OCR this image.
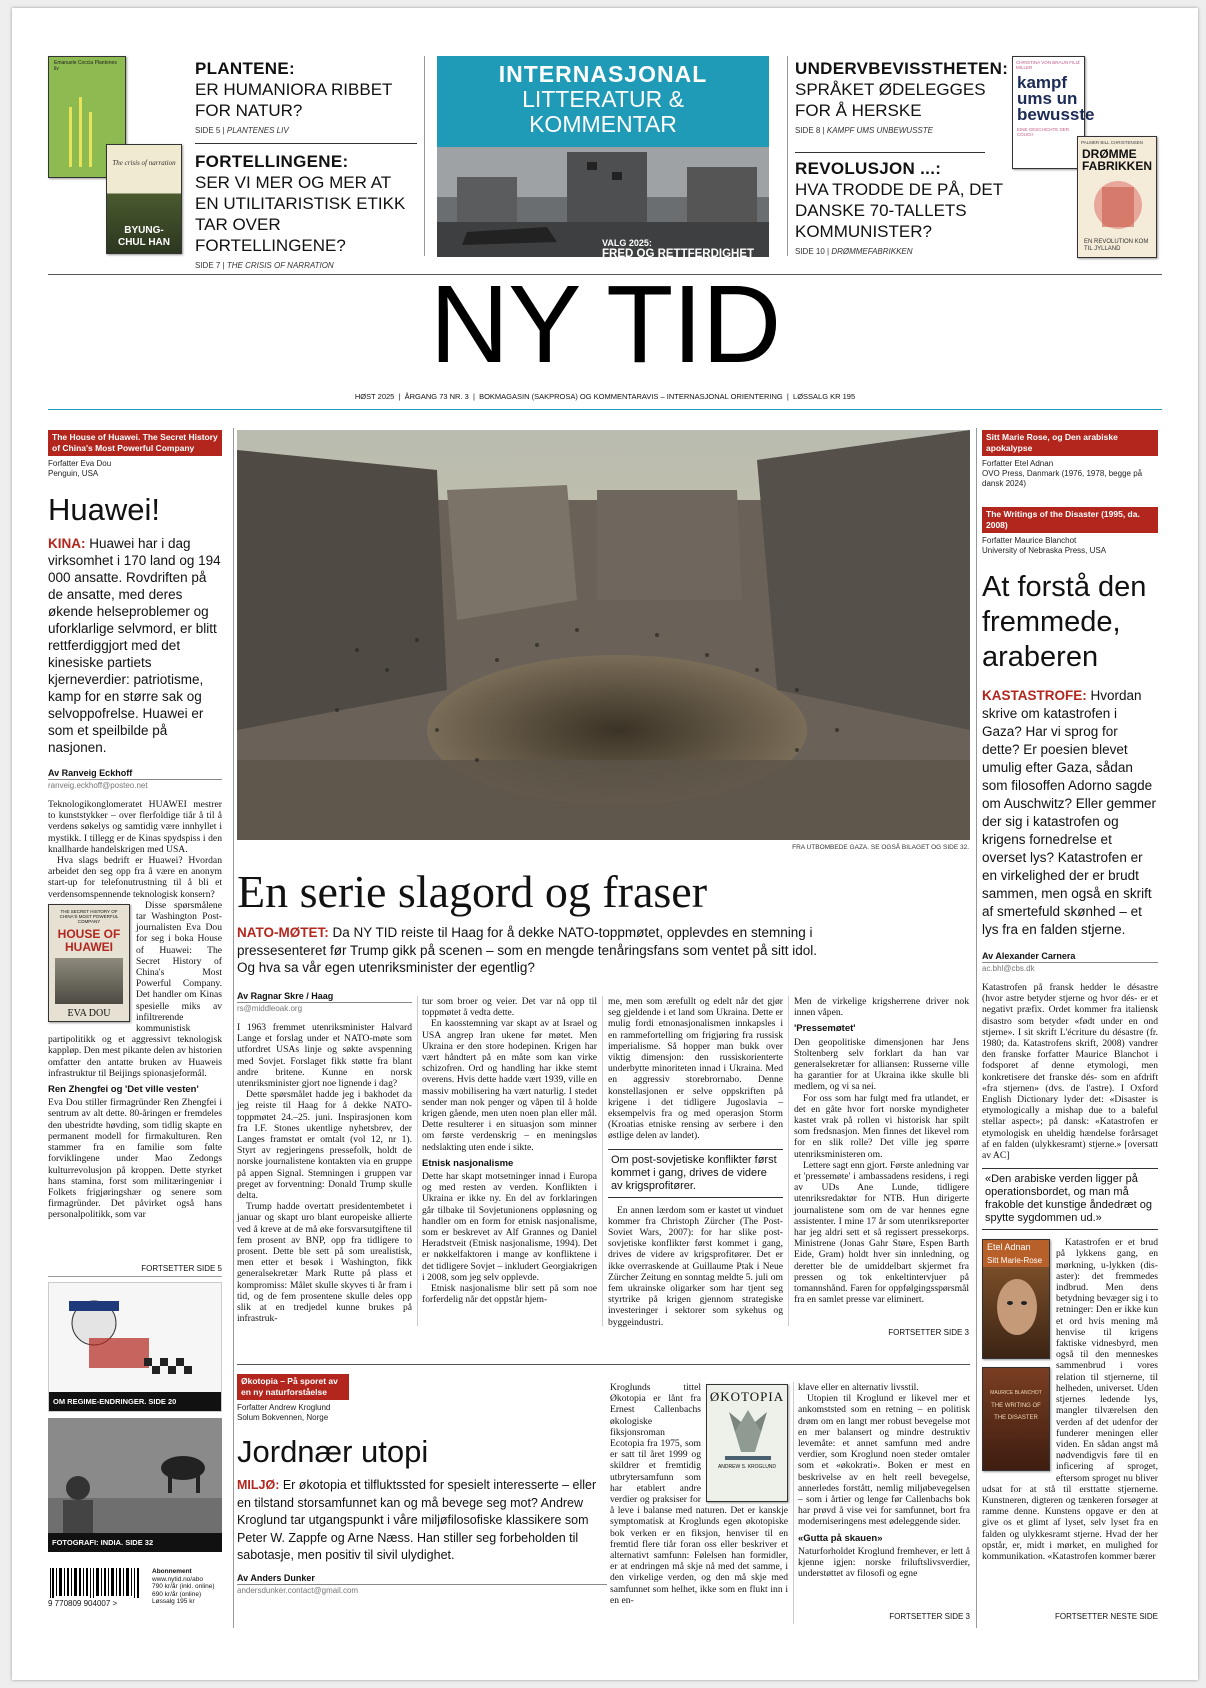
Emanuele Coccia Plantenes liv
The crisis of narration
BYUNG-CHUL HAN
PLANTENE:
ER HUMANIORA RIBBET FOR NATUR?
SIDE 5 | PLANTENES LIV
FORTELLINGENE:
SER VI MER OG MER AT EN UTILITARISTISK ETIKK TAR OVER FORTELLINGENE?
SIDE 7 | THE CRISIS OF NARRATION
INTERNASJONAL
LITTERATUR &
KOMMENTAR
VALG 2025:
FRED OG RETTFERDIGHET
UNDERVBEVISSTHETEN:
SPRÅKET ØDELEGGES FOR Å HERSKE
SIDE 8 | KAMPF UMS UNBEWUSSTE
REVOLUSJON ...:
HVA TRODDE DE PÅ, DET DANSKE 70-TALLETS KOMMUNISTER?
SIDE 10 | DRØMMEFABRIKKEN
CHRISTINA VON BRAUN FILIZ MILLER
kampf ums un bewusste
EINE GESCHICHTE DER COUCH
PALMER BILL CHRISTENSEN
DRØMME FABRIKKEN
EN REVOLUTION KOM TIL JYLLAND
NY TID
HØST 2025  |  ÅRGANG 73 NR. 3  |  BOKMAGASIN (SAKPROSA) OG KOMMENTARAVIS – INTERNASJONAL ORIENTERING  |  LØSSALG KR 195
The House of Huawei. The Secret History of China's Most Powerful Company
Forfatter Eva Dou
Penguin, USA
Huawei!
KINA: Huawei har i dag virksomhet i 170 land og 194 000 ansatte. Rovdriften på de ansatte, med deres økende helseproblemer og uforklarlige selvmord, er blitt rettferdiggjort med det kinesiske partiets kjerneverdier: patriotisme, kamp for en større sak og selvoppofrelse. Huawei er som et speilbilde på nasjonen.
Av Ranveig Eckhoff
ranveig.eckhoff@posteo.net

Teknologikonglomeratet HUAWEI mestrer to kunststykker – over flerfoldige tiår å til å verdens søkelys og samtidig være innhyllet i mystikk. I tillegg er de Kinas spydspiss i den knallharde handelskrigen med USA.

Hva slags bedrift er Huawei? Hvordan arbeidet den seg opp fra å være en anonym start-up for telefonutrustning til å bli et verdensomspennende teknologisk konsern?

THE SECRET HISTORY OF CHINA'S MOST POWERFUL COMPANY
HOUSE OF HUAWEI
EVA DOU

Disse spørsmålene tar Washington Post-journalisten Eva Dou for seg i boka House of Huawei: The Secret History of China's Most Powerful Company. Det handler om Kinas spesielle miks av infiltrerende kommunistisk partipolitikk og et aggressivt teknologisk kappløp. Den mest pikante delen av historien omfatter den antatte bruken av Huaweis infrastruktur til Beijings spionasjeformål.

Ren Zhengfei og 'Det ville vesten'

Eva Dou stiller firmagründer Ren Zhengfei i sentrum av alt dette. 80-åringen er fremdeles den ubestridte høvding, som tidlig skapte en permanent modell for firmakulturen. Ren stammer fra en familie som følte forviklingene under Mao Zedongs kulturrevolusjon på kroppen. Dette styrket hans stamina, forst som militæringeniør i Folkets frigjøringshær og senere som firmagründer. Det påvirket også hans personalpolitikk, som var

FORTSETTER SIDE 5
OM REGIME-ENDRINGER. SIDE 20
FOTOGRAFI: INDIA. SIDE 32
9 770809 904007 >
Abonnement
www.nytid.no/abo
790 kr/år (inkl. online)
690 kr/år (online)
Løssalg 195 kr
FRA UTBOMBEDE GAZA. SE OGSÅ BILAGET OG SIDE 32.
En serie slagord og fraser
NATO-MØTET: Da NY TID reiste til Haag for å dekke NATO-toppmøtet, opplevdes en stemning i pressesenteret før Trump gikk på scenen – som en mengde tenåringsfans som ventet på sitt idol. Og hva sa vår egen utenriksminister der egentlig?
Av Ragnar Skre / Haag
rs@middleoak.org

I 1963 fremmet utenriksminister Halvard Lange et forslag under et NATO-møte som utfordret USAs linje og søkte avspenning med Sovjet. Forslaget fikk støtte fra blant andre britene. Kunne en norsk utenriksminister gjort noe lignende i dag?

Dette spørsmålet hadde jeg i bakhodet da jeg reiste til Haag for å dekke NATO-toppmøtet 24.–25. juni. Inspirasjonen kom fra I.F. Stones ukentlige nyhetsbrev, der Langes framstøt er omtalt (vol 12, nr 1). Styrt av regjeringens pressefolk, holdt de norske journalistene kontakten via en gruppe på appen Signal. Stemningen i gruppen var preget av forventning: Donald Trump skulle delta.

Trump hadde overtatt presidentembetet i januar og skapt uro blant europeiske allierte ved å kreve at de må øke forsvarsutgiftene til fem prosent av BNP, opp fra tidligere to prosent. Dette ble sett på som urealistisk, men etter et besøk i Washington, fikk generalsekretær Mark Rutte på plass et kompromiss: Målet skulle skyves ti år fram i tid, og de fem prosentene skulle deles opp slik at en tredjedel kunne brukes på infrastruk-

tur som broer og veier. Det var nå opp til toppmøtet å vedta dette.

En kaosstemning var skapt av at Israel og USA angrep Iran ukene før møtet. Men Ukraina er den store hodepinen. Krigen har vært håndtert på en måte som kan virke schizofren. Ord og handling har ikke stemt overens. Hvis dette hadde vært 1939, ville en massiv mobilisering ha vært naturlig. I stedet sender man nok penger og våpen til å holde krigen gående, men uten noen plan eller mål. Dette resulterer i en situasjon som minner om første verdenskrig – en meningsløs nedslakting uten ende i sikte.

Etnisk nasjonalisme

Dette har skapt motsetninger innad i Europa og med resten av verden. Konflikten i Ukraina er ikke ny. En del av forklaringen går tilbake til Sovjetunionens oppløsning og handler om en form for etnisk nasjonalisme, som er beskrevet av Alf Grannes og Daniel Heradstveit (Etnisk nasjonalisme, 1994). Det er nøkkelfaktoren i mange av konfliktene i det tidligere Sovjet – inkludert Georgiakrigen i 2008, som jeg selv opplevde.

Etnisk nasjonalisme blir sett på som noe forferdelig når det oppstår hjem-

me, men som ærefullt og edelt når det gjør seg gjeldende i et land som Ukraina. Dette er mulig fordi etnonasjonalismen innkapsles i en rammefortelling om frigjøring fra russisk imperialisme. Så hopper man bukk over viktig dimensjon: den russiskorienterte underbytte minoriteten innad i Ukraina. Med en aggressiv storebrornabo. Denne konstellasjonen er selve oppskriften på krigene i det tidligere Jugoslavia – eksempelvis fra og med operasjon Storm (Kroatias etniske rensing av serbere i den østlige delen av landet).

Om post-sovjetiske konflikter først kommet i gang, drives de videre av krigsprofitører.

En annen lærdom som er kastet ut vinduet kommer fra Christoph Zürcher (The Post-Soviet Wars, 2007): for har slike post-sovjetiske konflikter først kommet i gang, drives de videre av krigsprofitører. Det er ikke overraskende at Guillaume Ptak i Neue Zürcher Zeitung en sonntag meldte 5. juli om fem ukrainske oligarker som har tjent seg styrtrike på krigen gjennom strategiske investeringer i sektorer som sykehus og byggeindustri.

Men de virkelige krigsherrene driver nok innen våpen.

'Pressemøtet'

Den geopolitiske dimensjonen har Jens Stoltenberg selv forklart da han var generalsekretær for alliansen: Russerne ville ha garantier for at Ukraina ikke skulle bli medlem, og vi sa nei.

For oss som har fulgt med fra utlandet, er det en gåte hvor fort norske myndigheter kastet vrak på rollen vi historisk har spilt som fredsnasjon. Men finnes det likevel rom for en slik rolle? Det ville jeg spørre utenriksministeren om.

Lettere sagt enn gjort. Første anledning var et 'pressemøte' i ambassadens residens, i regi av UDs Ane Lunde, tidligere utenriksredaktør for NTB. Hun dirigerte journalistene som om de var hennes egne assistenter. I mine 17 år som utenriksreporter har jeg aldri sett et så regissert pressekorps. Ministrene (Jonas Gahr Støre, Espen Barth Eide, Gram) holdt hver sin innledning, og deretter ble de umiddelbart skjermet fra pressen og tok enkeltintervjuer på tomannshånd. Faren for oppfølgingsspørsmål fra en samlet presse var eliminert.

FORTSETTER SIDE 3
Økotopia – På sporet av en ny naturforståelse
Forfatter Andrew Kroglund
Solum Bokvennen, Norge
Jordnær utopi
MILJØ: Er økotopia et tilfluktssted for spesielt interesserte – eller en tilstand storsamfunnet kan og må bevege seg mot? Andrew Kroglund tar utgangspunkt i våre miljøfilosofiske klassikere som Peter W. Zappfe og Arne Næss. Han stiller seg forbeholden til sabotasje, men positiv til sivil ulydighet.
Av Anders Dunker
andersdunker.contact@gmail.com
ØKOTOPIA
ANDREW S. KROGLUND

Kroglunds tittel Økotopia er lånt fra Ernest Callenbachs økologiske fiksjonsroman Ecotopia fra 1975, som er satt til året 1999 og skildrer et fremtidig utbrytersamfunn som har etablert andre verdier og praksiser for å leve i balanse med naturen. Det er kanskje symptomatisk at Kroglunds egen økotopiske bok verken er en fiksjon, henviser til en fremtid flere tiår foran oss eller beskriver et alternativt samfunn: Følelsen han formidler, er at endringen må skje nå med det samme, i den virkelige verden, og den må skje med samfunnet som helhet, ikke som en flukt inn i en en-

klave eller en alternativ livsstil.

Utopien til Kroglund er likevel mer et ankomststed som en retning – en politisk drøm om en langt mer robust bevegelse mot en mer balansert og mindre destruktiv levemåte: et annet samfunn med andre verdier, som Kroglund noen steder omtaler som et «økokrati». Boken er mest en beskrivelse av en helt reell bevegelse, annerledes forstått, nemlig miljøbevegelsen – som i årtier og lenge før Callenbachs bok har prøvd å vise vei for samfunnet, bort fra moderniseringens mest ødeleggende sider.

«Gutta på skauen»

Naturforholdet Kroglund fremhever, er lett å kjenne igjen: norske friluftslivsverdier, understøttet av filosofi og egne

FORTSETTER SIDE 3
Sitt Marie Rose, og Den arabiske apokalypse
Forfatter Etel Adnan
OVO Press, Danmark (1976, 1978, begge på dansk 2024)
The Writings of the Disaster (1995, da. 2008)
Forfatter Maurice Blanchot
University of Nebraska Press, USA
At forstå den fremmede, araberen
KASTASTROFE: Hvordan skrive om katastrofen i Gaza? Har vi sprog for dette? Er poesien blevet umulig efter Gaza, sådan som filosoffen Adorno sagde om Auschwitz? Eller gemmer der sig i katastrofen og krigens fornedrelse et overset lys? Katastrofen er en virkelighed der er brudt sammen, men også en skrift af smertefuld skønhed – et lys fra en falden stjerne.
Av Alexander Carnera
ac.bhl@cbs.dk

Katastrofen på fransk hedder le désastre (hvor astre betyder stjerne og hvor dés- er et negativt præfix. Ordet kommer fra italiensk disastro som betyder «født under en ond stjerne». I sit skrift L'écriture du désastre (fr. 1980; da. Katastrofens skrift, 2008) vandrer den franske forfatter Maurice Blanchot i fodsporet af denne etymologi, men konkretisere det franske dés- som en afdrift «fra stjernen» (dvs. de l'astre). I Oxford English Dictionary lyder det: «Disaster is etymologically a mishap due to a baleful stellar aspect»; på dansk: «Katastrofen er etymologisk en uheldig hændelse forårsaget af en falden (ulykkesramt) stjerne.» [oversatt av AC]

«Den arabiske verden ligger på operationsbordet, og man må frakoble det kunstige åndedræt og spytte sygdommen ud.»
Etel Adnan
Sitt Marie-Rose
MAURICE BLANCHOT
THE WRITING OF THE DISASTER

Katastrofen er et brud på lykkens gang, en mørkning, u-lykken (dis-aster): det fremmedes indbrud. Men dens betydning bevæger sig i to retninger: Den er ikke kun et ord hvis mening må henvise til krigens faktiske vidnesbyrd, men også til den menneskes sammenbrud i vores relation til stjernerne, til helheden, universet. Uden stjernes ledende lys, mangler tilværelsen den verden af det udenfor der funderer meningen eller viden. En sådan angst må nødvendigvis føre til en inficering af sproget, eftersom sproget nu bliver udsat for at stå til ersttatte stjernerne. Kunstneren, digteren og tænkeren forsøger at ramme denne. Kunstens opgave er den at give os et glimt af lyset, selv lyset fra en falden og ulykkesramt stjerne. Hvad der her opstår, er, midt i mørket, en mulighed for kommunikation. «Katastrofen kommer bærer

FORTSETTER NESTE SIDE
